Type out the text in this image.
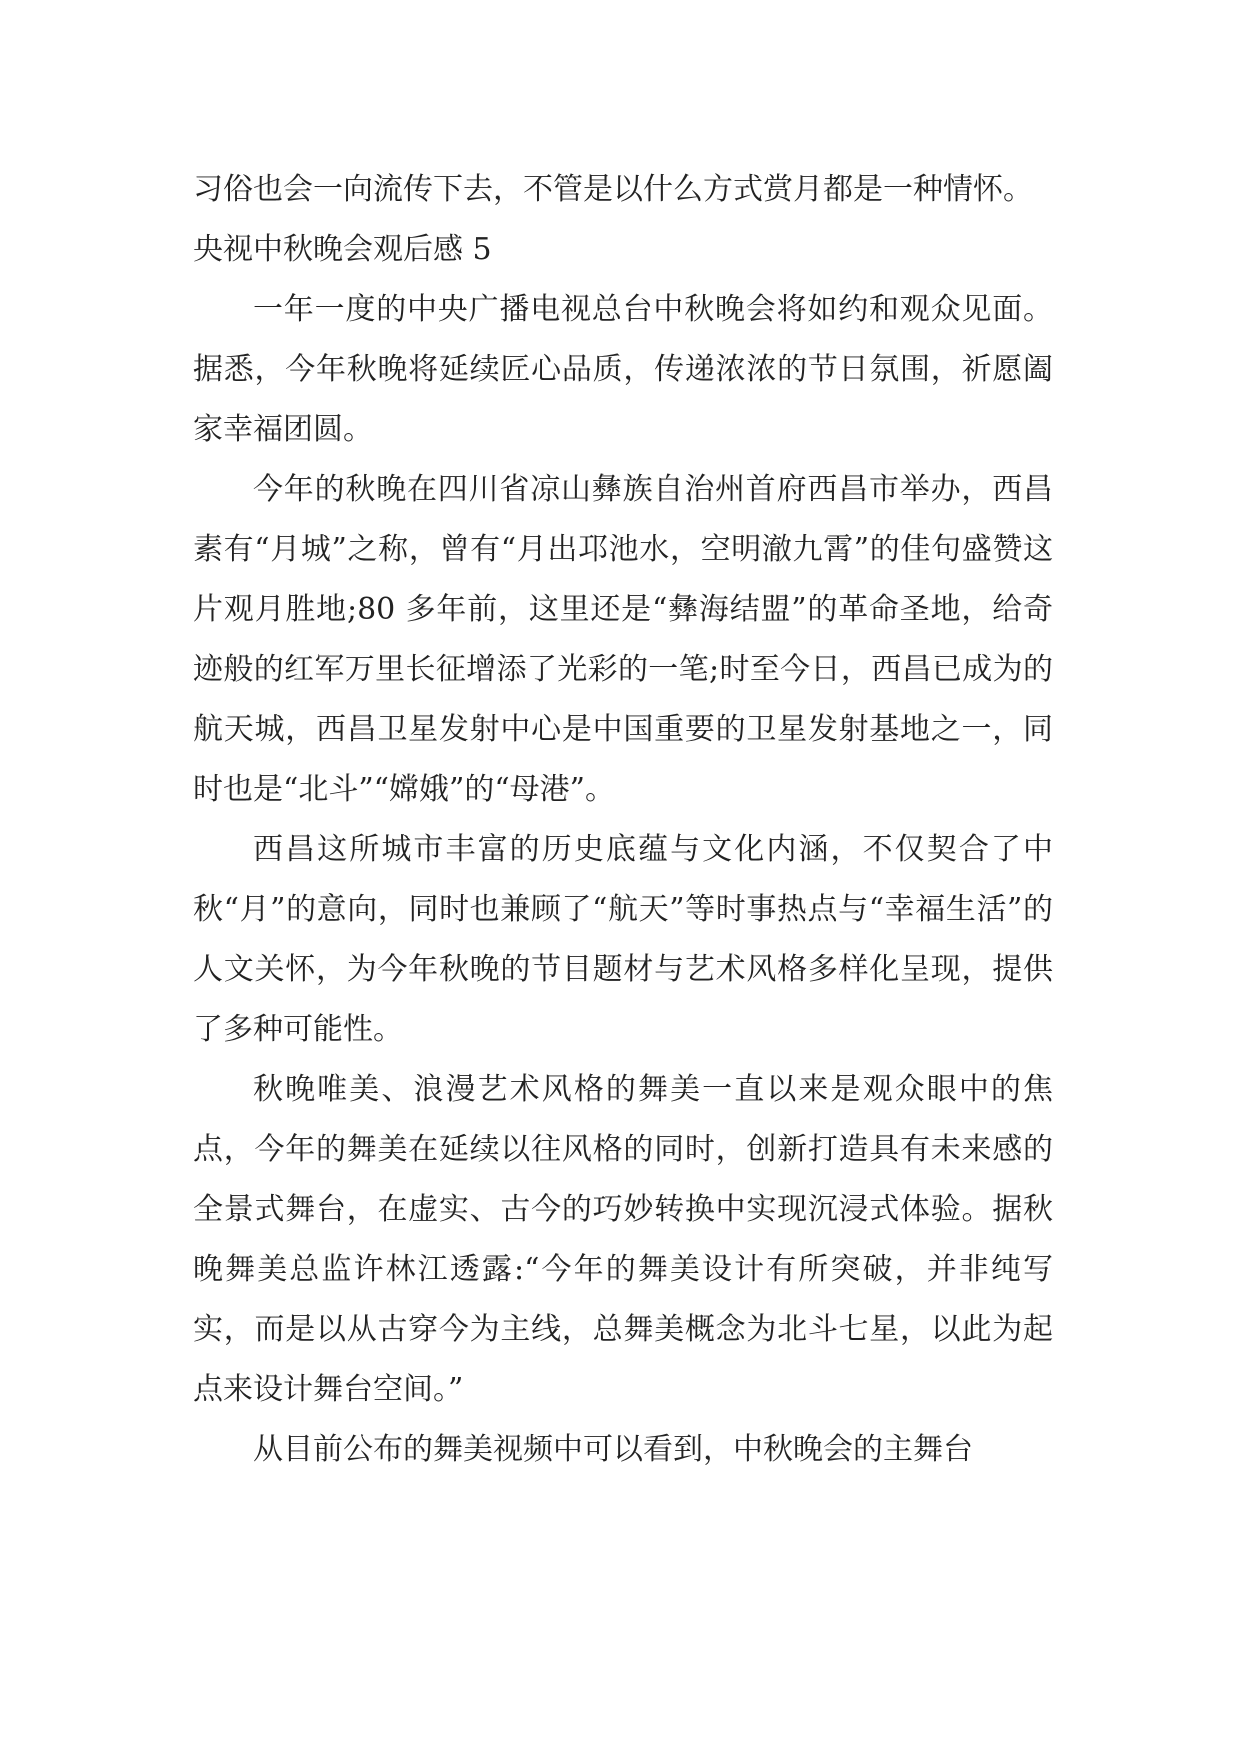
习俗也会一向流传下去，不管是以什么方式赏月都是一种情怀。

央视中秋晚会观后感 5

一年一度的中央广播电视总台中秋晚会将如约和观众见面。据悉，今年秋晚将延续匠心品质，传递浓浓的节日氛围，祈愿阖家幸福团圆。

今年的秋晚在四川省凉山彝族自治州首府西昌市举办，西昌素有“月城”之称，曾有“月出邛池水，空明澈九霄”的佳句盛赞这片观月胜地;80 多年前，这里还是“彝海结盟”的革命圣地，给奇迹般的红军万里长征增添了光彩的一笔;时至今日，西昌已成为的航天城，西昌卫星发射中心是中国重要的卫星发射基地之一，同时也是“北斗”“嫦娥”的“母港”。

西昌这所城市丰富的历史底蕴与文化内涵，不仅契合了中秋“月”的意向，同时也兼顾了“航天”等时事热点与“幸福生活”的人文关怀，为今年秋晚的节目题材与艺术风格多样化呈现，提供了多种可能性。

秋晚唯美、浪漫艺术风格的舞美一直以来是观众眼中的焦点，今年的舞美在延续以往风格的同时，创新打造具有未来感的全景式舞台，在虚实、古今的巧妙转换中实现沉浸式体验。据秋晚舞美总监许林江透露:“今年的舞美设计有所突破，并非纯写实，而是以从古穿今为主线，总舞美概念为北斗七星，以此为起点来设计舞台空间。”

从目前公布的舞美视频中可以看到，中秋晚会的主舞台
